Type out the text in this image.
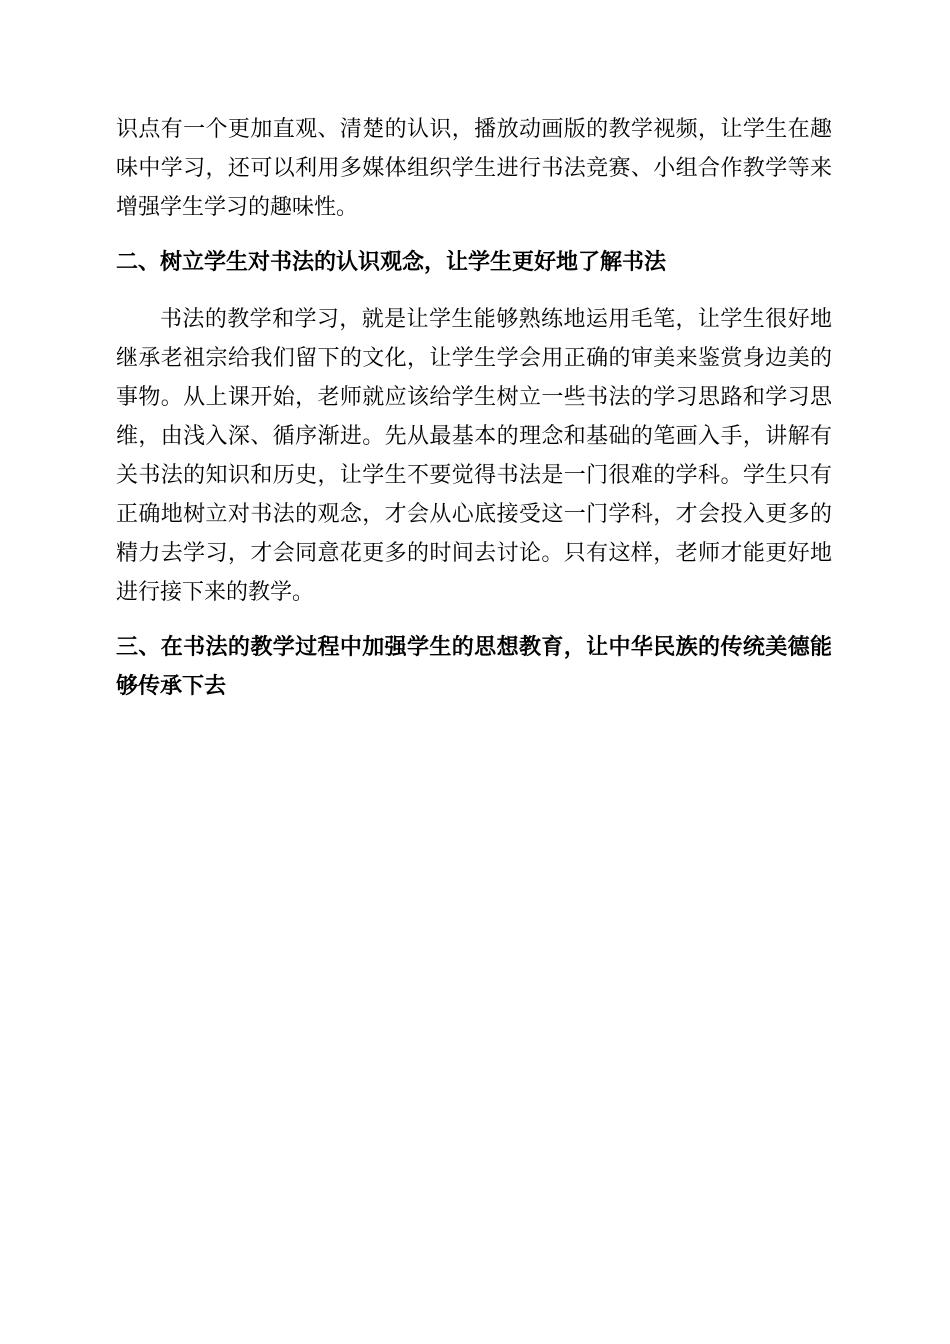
识点有一个更加直观、清楚的认识，播放动画版的教学视频，让学生在趣味中学习，还可以利用多媒体组织学生进行书法竞赛、小组合作教学等来增强学生学习的趣味性。

二、树立学生对书法的认识观念，让学生更好地了解书法

书法的教学和学习，就是让学生能够熟练地运用毛笔，让学生很好地继承老祖宗给我们留下的文化，让学生学会用正确的审美来鉴赏身边美的事物。从上课开始，老师就应该给学生树立一些书法的学习思路和学习思维，由浅入深、循序渐进。先从最基本的理念和基础的笔画入手，讲解有关书法的知识和历史，让学生不要觉得书法是一门很难的学科。学生只有正确地树立对书法的观念，才会从心底接受这一门学科，才会投入更多的精力去学习，才会同意花更多的时间去讨论。只有这样，老师才能更好地进行接下来的教学。

三、在书法的教学过程中加强学生的思想教育，让中华民族的传统美德能够传承下去
